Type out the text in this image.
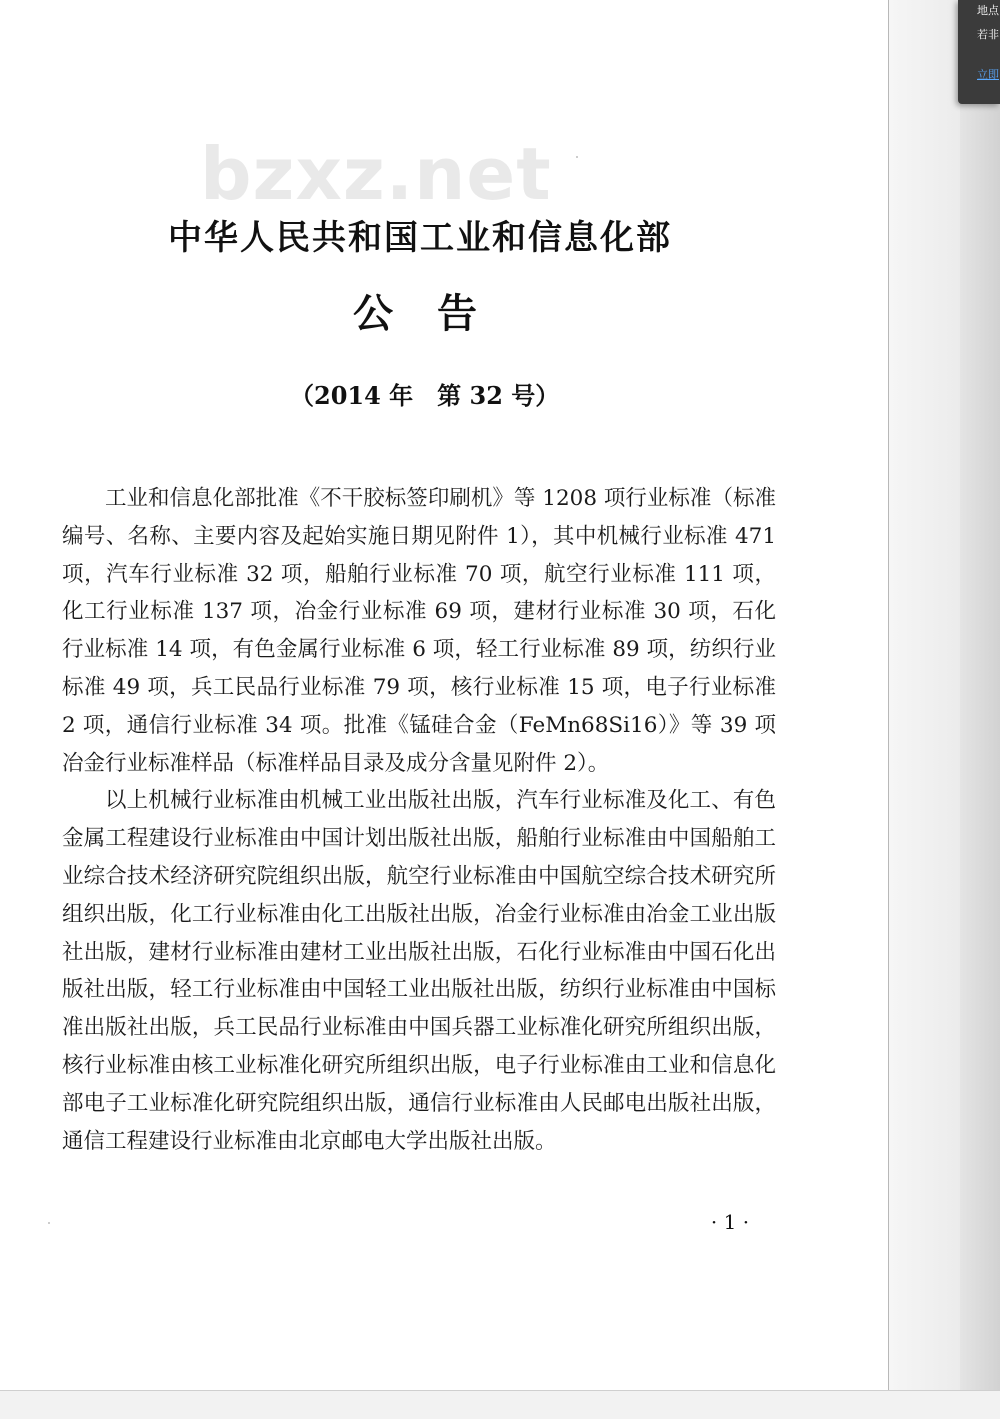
bzxz.net
中华人民共和国工业和信息化部
公 告
（2014 年　第 32 号）

工业和信息化部批准《不干胶标签印刷机》等 1208 项行业标准（标准编号、名称、主要内容及起始实施日期见附件 1），其中机械行业标准 471 项，汽车行业标准 32 项，船舶行业标准 70 项，航空行业标准 111 项，化工行业标准 137 项，冶金行业标准 69 项，建材行业标准 30 项，石化行业标准 14 项，有色金属行业标准 6 项，轻工行业标准 89 项，纺织行业标准 49 项，兵工民品行业标准 79 项，核行业标准 15 项，电子行业标准 2 项，通信行业标准 34 项。批准《锰硅合金（FeMn68Si16）》等 39 项冶金行业标准样品（标准样品目录及成分含量见附件 2）。

以上机械行业标准由机械工业出版社出版，汽车行业标准及化工、有色金属工程建设行业标准由中国计划出版社出版，船舶行业标准由中国船舶工业综合技术经济研究院组织出版，航空行业标准由中国航空综合技术研究所组织出版，化工行业标准由化工出版社出版，冶金行业标准由冶金工业出版社出版，建材行业标准由建材工业出版社出版，石化行业标准由中国石化出版社出版，轻工行业标准由中国轻工业出版社出版，纺织行业标准由中国标准出版社出版，兵工民品行业标准由中国兵器工业标准化研究所组织出版，核行业标准由核工业标准化研究所组织出版，电子行业标准由工业和信息化部电子工业标准化研究院组织出版，通信行业标准由人民邮电出版社出版，通信工程建设行业标准由北京邮电大学出版社出版。

· 1 ·
地点
若非
立即
